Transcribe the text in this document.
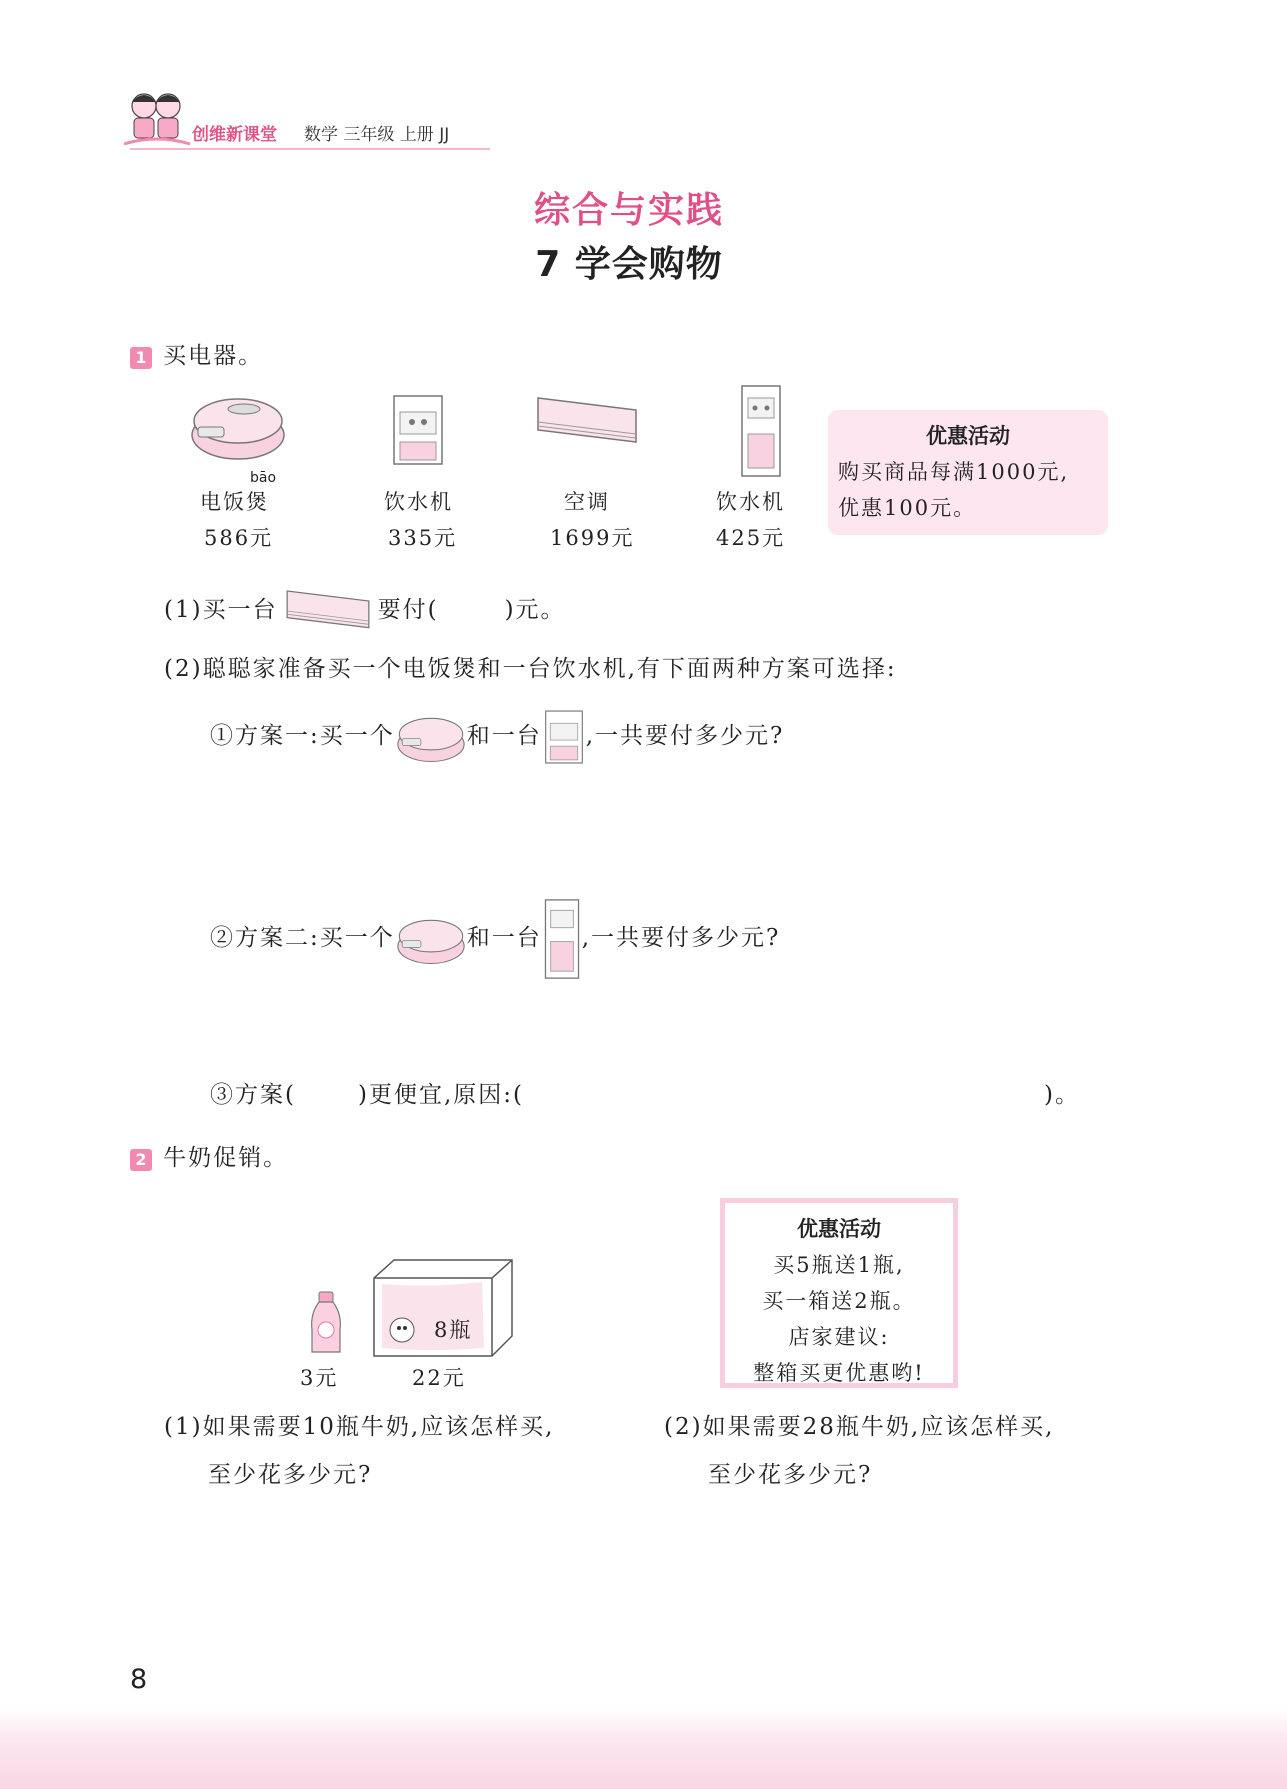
创维新课堂 数学 三年级 上册 JJ
综合与实践
7 学会购物
1 买电器。
bāo
电饭煲
586元
饮水机
335元
空调
1699元
饮水机
425元
优惠活动
购买商品每满1000元,
优惠100元。
(1)买一台	要付(	)元。
(2)聪聪家准备买一个电饭煲和一台饮水机,有下面两种方案可选择:
①方案一:买一个	和一台 ,一共要付多少元?
②方案二:买一个	和一台 ,一共要付多少元?
③方案(	)更便宜,原因:(	)。
2 牛奶促销。
8瓶
3元	22元
优惠活动
买5瓶送1瓶,
买一箱送2瓶。
店家建议:
整箱买更优惠哟!
(1)如果需要10瓶牛奶,应该怎样买,
至少花多少元?
(2)如果需要28瓶牛奶,应该怎样买,
至少花多少元?
8
